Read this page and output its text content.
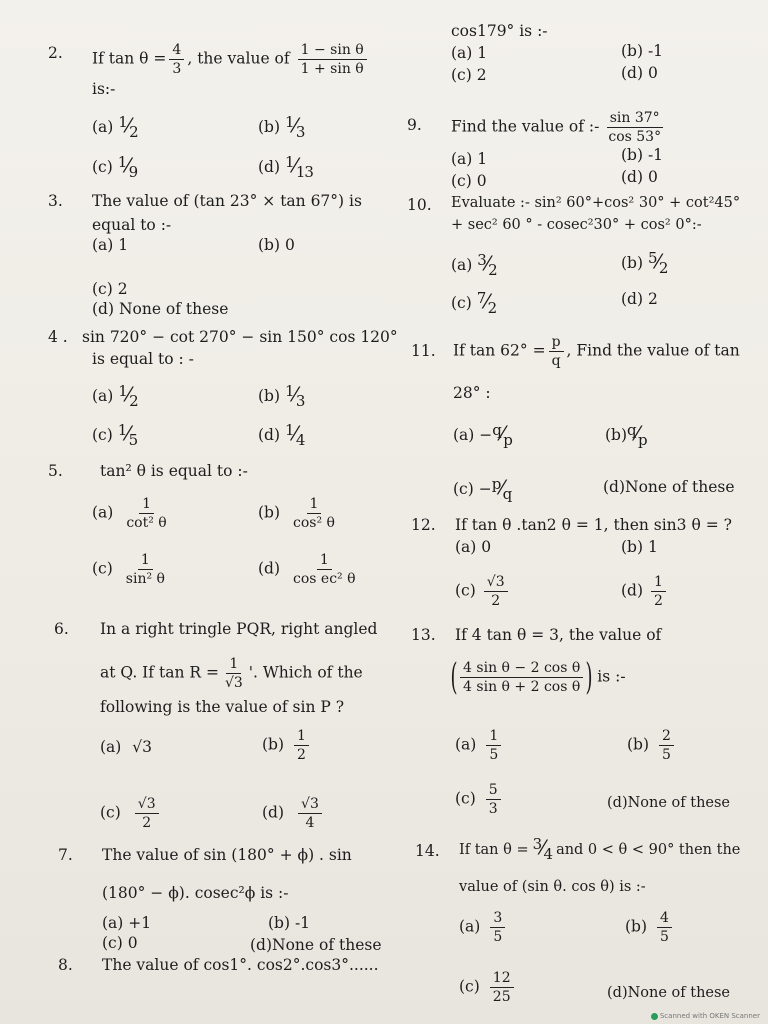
2. If $\tan \theta = \frac{4}{3}$ , the value of $\frac{\text{1 − sin θ}}{\text{1 + sin θ}}$
is:-
(a) $^1⁄_2$	(b) $^1⁄_3$
(c) $^1⁄_9$	(d) $^1⁄_{13}$
3. The value of (tan 23° × tan 67°) is
equal to :-
(a) 1	(b) 0
(c) 2
(d) None of these
4 . sin 720° − cot 270° − sin 150° cos 120°
is equal to : -
(a) $^1⁄_2$	(b) $^1⁄_3$
(c) $^1⁄_5$	(d) $^1⁄_4$
5. tan² θ is equal to :-
$(a) \frac{1}{\text{cot² θ}}$	$(b) \frac{1}{\text{cos² θ}}$
$(c) \frac{1}{\text{sin² θ}}$	$(d) \frac{1}{\text{cos ec² θ}}$
6. In a right tringle PQR, right angled
at Q. If $\tan R = \frac{1}{√3}$ '. Which of the
following is the value of sin P ?
(a) √3	$(b) \frac{1}{2}$
$(c) \frac{√3}{2}$	$(d) \frac{√3}{4}$
7. The value of sin (180° + ϕ) . sin
(180° − ϕ). cosec²ϕ is :-
(a) +1	(b) -1
(c) 0	(d)None of these
8. The value of cos1°. cos2°.cos3°......
cos179° is :-
(a) 1	(b) -1
(c) 2	(d) 0
9. Find the value of :- $\frac{\sin 37^\circ}{\cos 53^\circ}$
(a) 1	(b) -1
(c) 0	(d) 0
10. Evaluate :- sin² 60°+cos² 30° + cot²45°
+ sec² 60 ° - cosec²30° + cos² 0°:-
(a) $^3⁄_2$	(b) $^5⁄_2$
(c) $^7⁄_2$	(d) 2
11. If $\tan 62^\circ = \frac{p}{q}$ , Find the value of tan
28° :
$(a) -^q⁄_p$	$(b)^q⁄_p$
$(c) -^p⁄_q$	(d)None of these
12. If tan θ .tan2 θ = 1, then sin3 θ = ?
(a) 0	(b) 1
$(c) \frac{√3}{2}$	$(d) \frac{1}{2}$
13. If 4 tan θ = 3, the value of
( $\frac{\text{4 sin θ − 2 cos θ}}{\text{4 sin θ + 2 cos θ}}$ ) is :-
$(a) \frac{1}{5}$	$(b) \frac{2}{5}$
$(c) \frac{5}{3}$	(d)None of these
14. If $\tan \theta = ^3⁄_4$ and 0 < θ < 90° then the
value of (sin θ. cos θ) is :-
$(a) \frac{3}{5}$	$(b) \frac{4}{5}$
$(c) \frac{12}{25}$	(d)None of these
Scanned with OKEN Scanner
